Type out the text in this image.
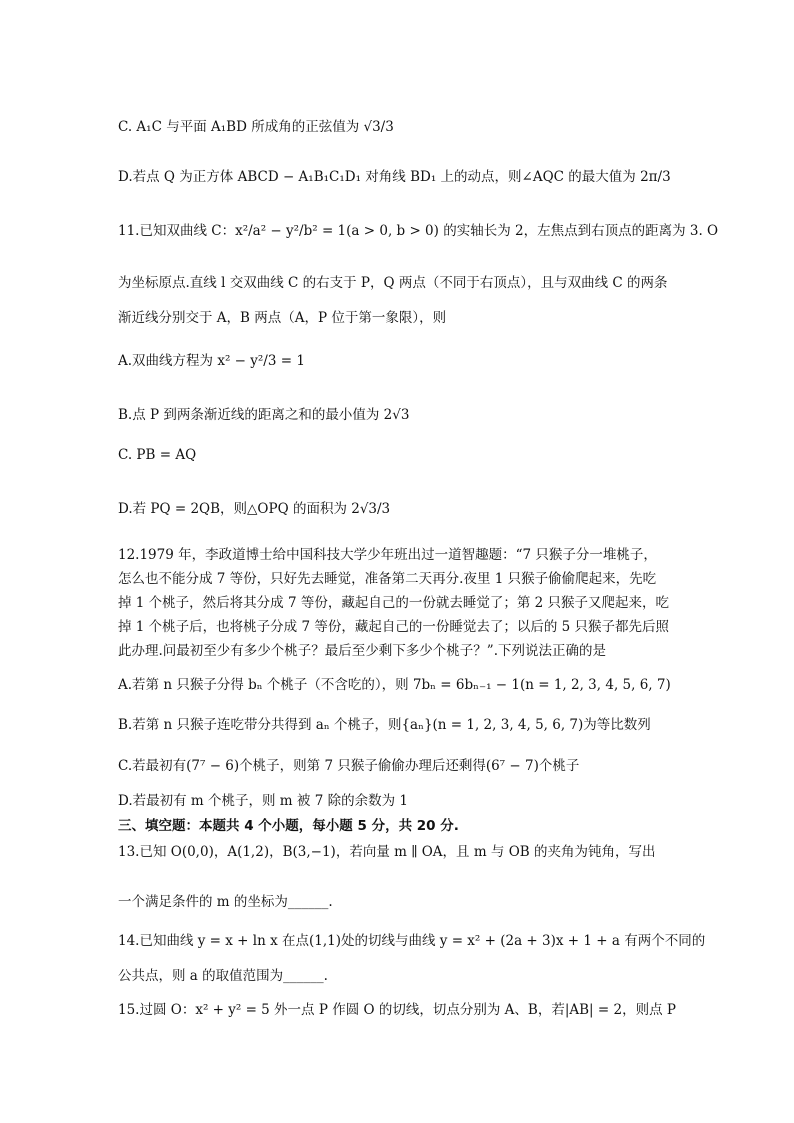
C. A₁C 与平面 A₁BD 所成角的正弦值为 √3/3
D.若点 Q 为正方体 ABCD − A₁B₁C₁D₁ 对角线 BD₁ 上的动点，则∠AQC 的最大值为 2π/3
11.已知双曲线 C：x²/a² − y²/b² = 1(a > 0, b > 0) 的实轴长为 2，左焦点到右顶点的距离为 3. O
为坐标原点.直线 l 交双曲线 C 的右支于 P，Q 两点（不同于右顶点），且与双曲线 C 的两条
渐近线分别交于 A，B 两点（A，P 位于第一象限），则
A.双曲线方程为 x² − y²/3 = 1
B.点 P 到两条渐近线的距离之和的最小值为 2√3
C. PB = AQ
D.若 PQ = 2QB，则△OPQ 的面积为 2√3/3
12.1979 年，李政道博士给中国科技大学少年班出过一道智趣题：“7 只猴子分一堆桃子，
怎么也不能分成 7 等份，只好先去睡觉，准备第二天再分.夜里 1 只猴子偷偷爬起来，先吃
掉 1 个桃子，然后将其分成 7 等份，藏起自己的一份就去睡觉了；第 2 只猴子又爬起来，吃
掉 1 个桃子后，也将桃子分成 7 等份，藏起自己的一份睡觉去了；以后的 5 只猴子都先后照
此办理.问最初至少有多少个桃子？最后至少剩下多少个桃子？”.下列说法正确的是
A.若第 n 只猴子分得 bₙ 个桃子（不含吃的），则 7bₙ = 6bₙ₋₁ − 1(n = 1, 2, 3, 4, 5, 6, 7)
B.若第 n 只猴子连吃带分共得到 aₙ 个桃子，则{aₙ}(n = 1, 2, 3, 4, 5, 6, 7)为等比数列
C.若最初有(7⁷ − 6)个桃子，则第 7 只猴子偷偷办理后还剩得(6⁷ − 7)个桃子
D.若最初有 m 个桃子，则 m 被 7 除的余数为 1
三、填空题：本题共 4 个小题，每小题 5 分，共 20 分.
13.已知 O(0,0)，A(1,2)，B(3,−1)，若向量 m ∥ OA，且 m 与 OB 的夹角为钝角，写出
一个满足条件的 m 的坐标为______.
14.已知曲线 y = x + ln x 在点(1,1)处的切线与曲线 y = x² + (2a + 3)x + 1 + a 有两个不同的
公共点，则 a 的取值范围为______.
15.过圆 O：x² + y² = 5 外一点 P 作圆 O 的切线，切点分别为 A、B，若|AB| = 2，则点 P
